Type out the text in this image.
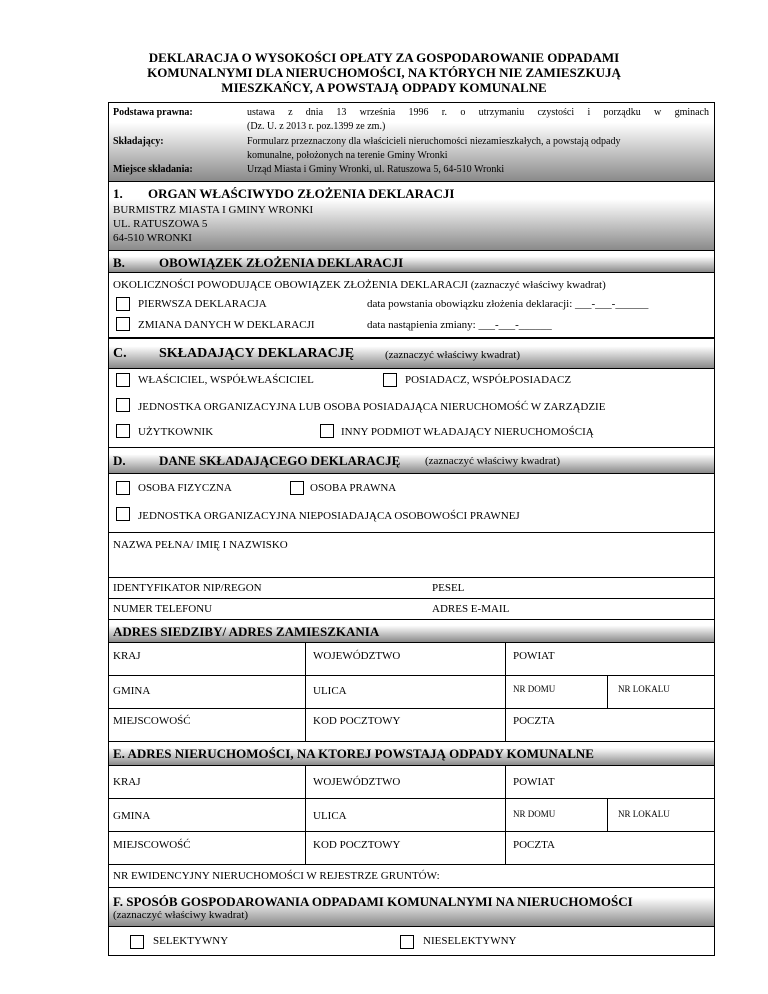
DEKLARACJA O WYSOKOŚCI OPŁATY ZA GOSPODAROWANIE ODPADAMI
KOMUNALNYMI DLA NIERUCHOMOŚCI, NA KTÓRYCH NIE ZAMIESZKUJĄ
MIESZKAŃCY, A POWSTAJĄ ODPADY KOMUNALNE
Podstawa prawna:	ustawa z dnia 13 września 1996 r. o utrzymaniu czystości i porządku w gminach
(Dz. U. z 2013 r. poz.1399 ze zm.)
Składający:	Formularz przeznaczony dla właścicieli nieruchomości niezamieszkałych, a powstają odpady
komunalne, położonych na terenie Gminy Wronki
Miejsce składania:	Urząd Miasta i Gminy Wronki, ul. Ratuszowa 5, 64-510 Wronki
1. ORGAN WŁAŚCIWYDO ZŁOŻENIA DEKLARACJI
BURMISTRZ MIASTA I GMINY WRONKI
UL. RATUSZOWA 5
64-510 WRONKI
B.	OBOWIĄZEK ZŁOŻENIA DEKLARACJI
OKOLICZNOŚCI POWODUJĄCE OBOWIĄZEK ZŁOŻENIA DEKLARACJI (zaznaczyć właściwy kwadrat)
PIERWSZA DEKLARACJA	data powstania obowiązku złożenia deklaracji: ___-___-______
ZMIANA DANYCH W DEKLARACJI	data nastąpienia zmiany: ___-___-______
C. SKŁADAJĄCY DEKLARACJĘ	(zaznaczyć właściwy kwadrat)
WŁAŚCICIEL, WSPÓŁWŁAŚCICIEL	POSIADACZ, WSPÓŁPOSIADACZ
JEDNOSTKA ORGANIZACYJNA LUB OSOBA POSIADAJĄCA NIERUCHOMOŚĆ W ZARZĄDZIE
UŻYTKOWNIK	INNY PODMIOT WŁADAJĄCY NIERUCHOMOŚCIĄ
D.	DANE SKŁADAJĄCEGO DEKLARACJĘ (zaznaczyć właściwy kwadrat)
OSOBA FIZYCZNA	OSOBA PRAWNA
JEDNOSTKA ORGANIZACYJNA NIEPOSIADAJĄCA OSOBOWOŚCI PRAWNEJ
NAZWA PEŁNA/ IMIĘ I NAZWISKO
IDENTYFIKATOR NIP/REGON	PESEL
NUMER TELEFONU	ADRES E-MAIL
ADRES SIEDZIBY/ ADRES ZAMIESZKANIA
KRAJ	WOJEWÓDZTWO	POWIAT
GMINA	ULICA	NR DOMU	NR LOKALU
MIEJSCOWOŚĆ	KOD POCZTOWY	POCZTA
E. ADRES NIERUCHOMOŚCI, NA KTOREJ POWSTAJĄ ODPADY KOMUNALNE
KRAJ	WOJEWÓDZTWO	POWIAT
GMINA	ULICA	NR DOMU	NR LOKALU
MIEJSCOWOŚĆ	KOD POCZTOWY	POCZTA
NR EWIDENCYJNY NIERUCHOMOŚCI W REJESTRZE GRUNTÓW:
F. SPOSÓB GOSPODAROWANIA ODPADAMI KOMUNALNYMI NA NIERUCHOMOŚCI
(zaznaczyć właściwy kwadrat)
SELEKTYWNY	NIESELEKTYWNY
